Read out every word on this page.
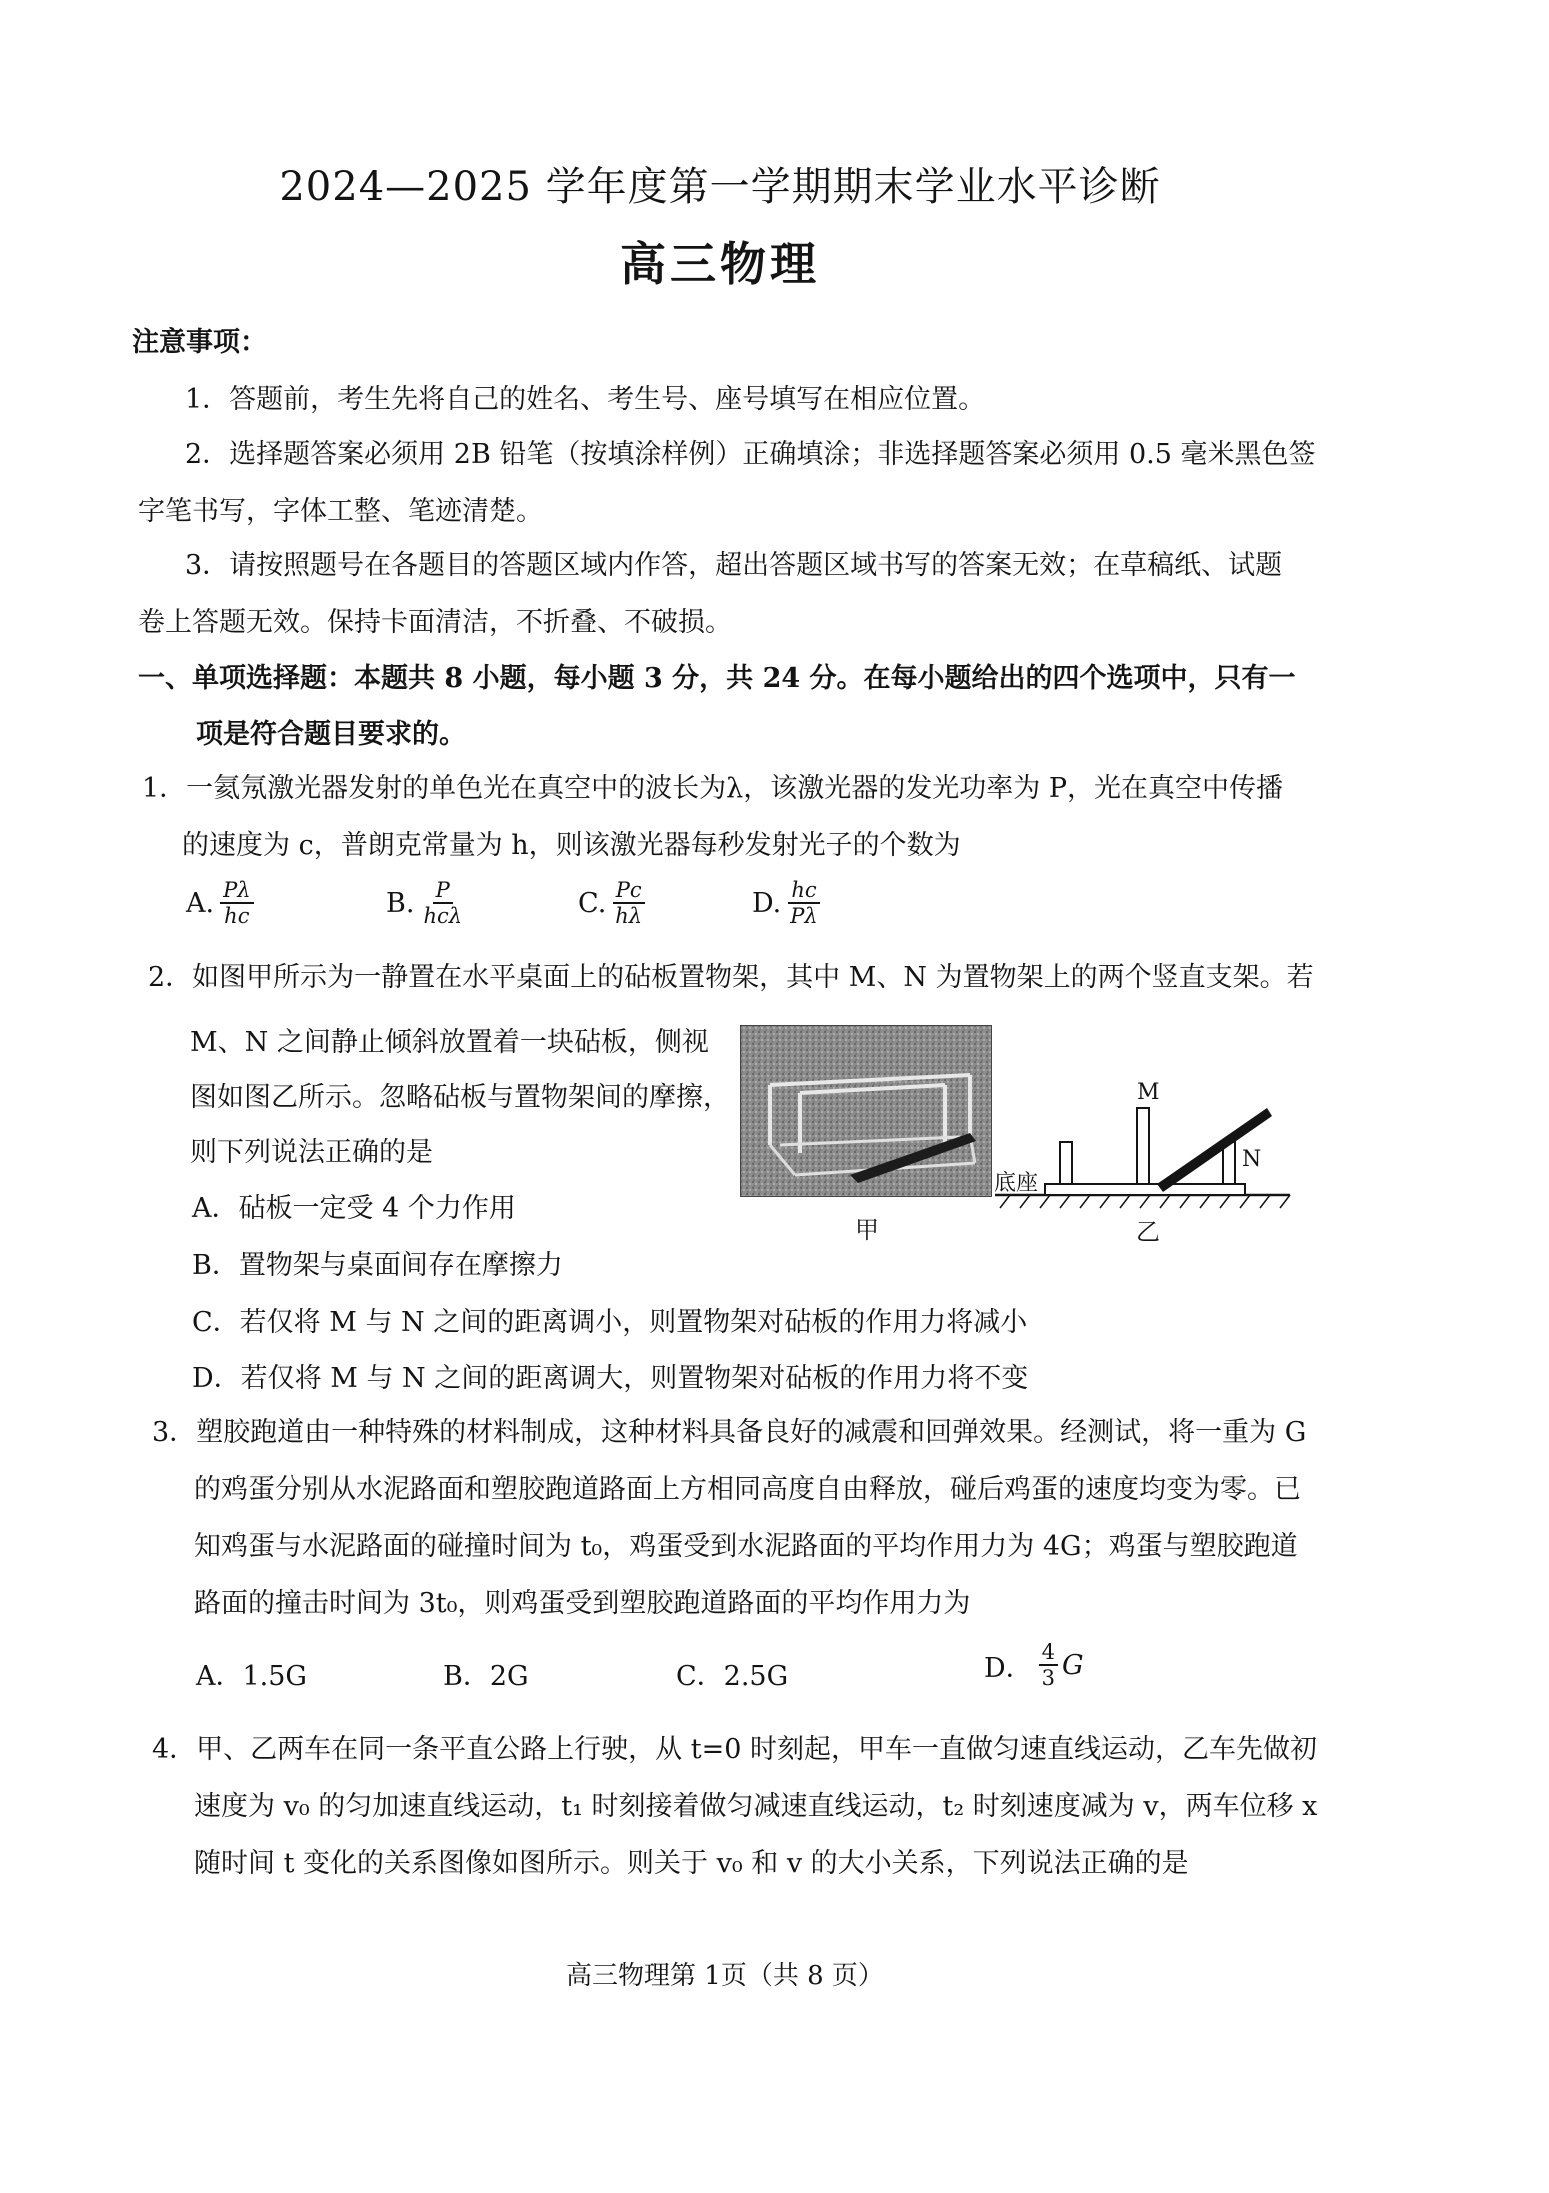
2024—2025 学年度第一学期期末学业水平诊断
高三物理
注意事项：
1．答题前，考生先将自己的姓名、考生号、座号填写在相应位置。
2．选择题答案必须用 2B 铅笔（按填涂样例）正确填涂；非选择题答案必须用 0.5 毫米黑色签
字笔书写，字体工整、笔迹清楚。
3．请按照题号在各题目的答题区域内作答，超出答题区域书写的答案无效；在草稿纸、试题
卷上答题无效。保持卡面清洁，不折叠、不破损。
一、单项选择题：本题共 8 小题，每小题 3 分，共 24 分。在每小题给出的四个选项中，只有一
项是符合题目要求的。
1．一氦氖激光器发射的单色光在真空中的波长为λ，该激光器的发光功率为 P，光在真空中传播
的速度为 c，普朗克常量为 h，则该激光器每秒发射光子的个数为
A. $\frac{P\lambda}{hc}$	B. $\frac{P}{\text{hcλ}}$	C. $\frac{Pc}{h\lambda}$	D. $\frac{hc}{P\lambda}$
2．如图甲所示为一静置在水平桌面上的砧板置物架，其中 M、N 为置物架上的两个竖直支架。若
M、N 之间静止倾斜放置着一块砧板，侧视
图如图乙所示。忽略砧板与置物架间的摩擦，
则下列说法正确的是
A．砧板一定受 4 个力作用
B．置物架与桌面间存在摩擦力
C．若仅将 M 与 N 之间的距离调小，则置物架对砧板的作用力将减小
D．若仅将 M 与 N 之间的距离调大，则置物架对砧板的作用力将不变
甲
M
N
底座
乙
3．塑胶跑道由一种特殊的材料制成，这种材料具备良好的减震和回弹效果。经测试，将一重为 G
的鸡蛋分别从水泥路面和塑胶跑道路面上方相同高度自由释放，碰后鸡蛋的速度均变为零。已
知鸡蛋与水泥路面的碰撞时间为 t₀，鸡蛋受到水泥路面的平均作用力为 4G；鸡蛋与塑胶跑道
路面的撞击时间为 3t₀，则鸡蛋受到塑胶跑道路面的平均作用力为
A．1.5G	B．2G	C．2.5G	D． $\frac{4}{3}$ G
4．甲、乙两车在同一条平直公路上行驶，从 t=0 时刻起，甲车一直做匀速直线运动，乙车先做初
速度为 v₀ 的匀加速直线运动，t₁ 时刻接着做匀减速直线运动，t₂ 时刻速度减为 v，两车位移 x
随时间 t 变化的关系图像如图所示。则关于 v₀ 和 v 的大小关系，下列说法正确的是
高三物理第 1页（共 8 页）
